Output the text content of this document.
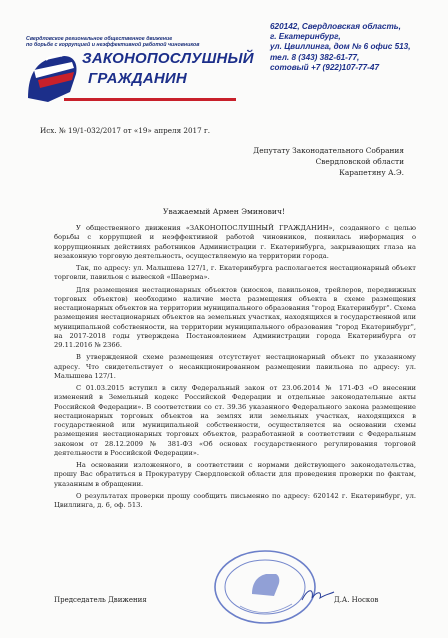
Свердловское региональное общественное движение
по борьбе с коррупцией и неэффективной работой чиновников
ЗАКОНОПОСЛУШНЫЙ
ГРАЖДАНИН
620142, Свердловская область,
г. Екатеринбург,
ул. Цвиллинга, дом № 6 офис 513,
тел. 8 (343) 382-61-77,
сотовый +7 (922)107-77-47
Исх. № 19/1-032/2017 от «19» апреля 2017 г.
Депутату Законодательного Собрания
Свердловской области
Карапетяну А.Э.
Уважаемый Армен Эминович!

У общественного движения «ЗАКОНОПОСЛУШНЫЙ ГРАЖДАНИН», созданного с целью борьбы с коррупцией и неэффективной работой чиновников, появилась информация о коррупционных действиях работников Администрации г. Екатеринбурга, закрывающих глаза на незаконную торговую деятельность, осуществляемую на территории города.

Так, по адресу: ул. Малышева 127/1, г. Екатеринбурга располагается нестационарный объект торговли, павильон с вывеской «Шаверма».

Для размещения нестационарных объектов (киосков, павильонов, трейлеров, передвижных торговых объектов) необходимо наличие места размещения объекта в схеме размещения нестационарных объектов на территории муниципального образования "город Екатеринбург". Схема размещения нестационарных объектов на земельных участках, находящихся в государственной или муниципальной собственности, на территории муниципального образования "город Екатеринбург", на 2017-2018 годы утверждена Постановлением Администрации города Екатеринбурга от 29.11.2016 № 2366.

В утвержденной схеме размещения отсутствует нестационарный объект по указанному адресу. Что свидетельствует о несанкционированном размещении павильона по адресу: ул. Малышева 127/1.

С 01.03.2015 вступил в силу Федеральный закон от 23.06.2014 № 171-ФЗ «О внесении изменений в Земельный кодекс Российской Федерации и отдельные законодательные акты Российской Федерации». В соответствии со ст. 39.36 указанного Федерального закона размещение нестационарных торговых объектов на землях или земельных участках, находящихся в государственной или муниципальной собственности, осуществляется на основании схемы размещения нестационарных торговых объектов, разработанной в соответствии с Федеральным законом от 28.12.2009 № 381-ФЗ «Об основах государственного регулирования торговой деятельности в Российской Федерации».

На основании изложенного, в соответствии с нормами действующего законодательства, прошу Вас обратиться в Прокуратуру Свердловской области для проведения проверки по фактам, указанным в обращении.

О результатах проверки прошу сообщить письменно по адресу: 620142 г. Екатеринбург, ул. Цвиллинга, д. 6, оф. 513.

Председатель Движения	Д.А. Носков
